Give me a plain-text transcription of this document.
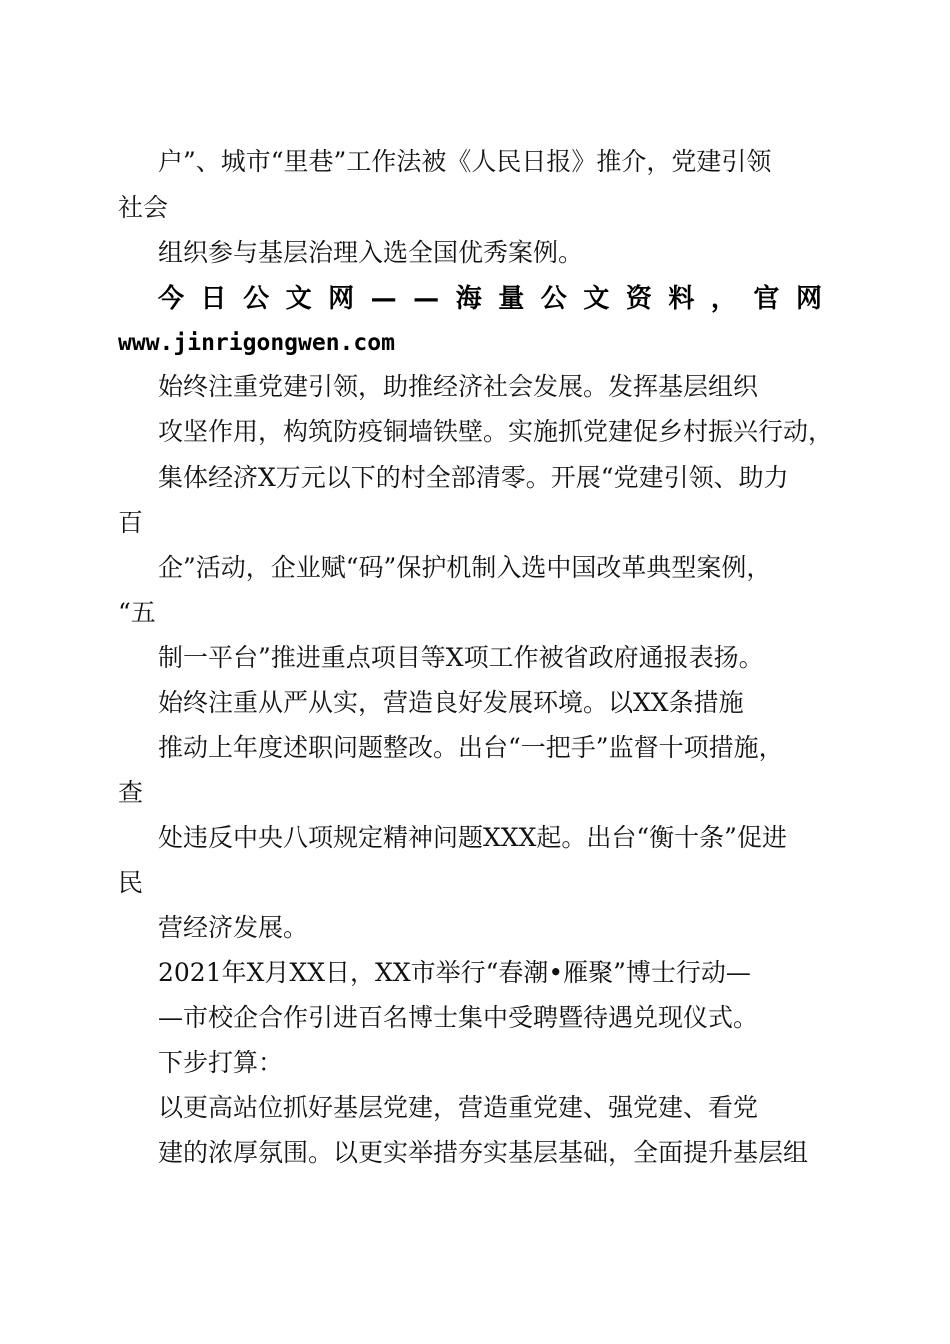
户”、城市“里巷”工作法被《人民日报》推介，党建引领

社会

组织参与基层治理入选全国优秀案例。

今 日 公 文 网 — — 海 量 公 文 资 料 ， 官 网
www.jinrigongwen.com

始终注重党建引领，助推经济社会发展。发挥基层组织

攻坚作用，构筑防疫铜墙铁壁。实施抓党建促乡村振兴行动，

集体经济X万元以下的村全部清零。开展“党建引领、助力

百

企”活动，企业赋“码”保护机制入选中国改革典型案例，

“五

制一平台”推进重点项目等X项工作被省政府通报表扬。

始终注重从严从实，营造良好发展环境。以XX条措施

推动上年度述职问题整改。出台“一把手”监督十项措施，

查

处违反中央八项规定精神问题XXX起。出台“衡十条”促进

民

营经济发展。

2021年X月XX日，XX市举行“春潮•雁聚”博士行动—

—市校企合作引进百名博士集中受聘暨待遇兑现仪式。

下步打算：

以更高站位抓好基层党建，营造重党建、强党建、看党

建的浓厚氛围。以更实举措夯实基层基础，全面提升基层组
